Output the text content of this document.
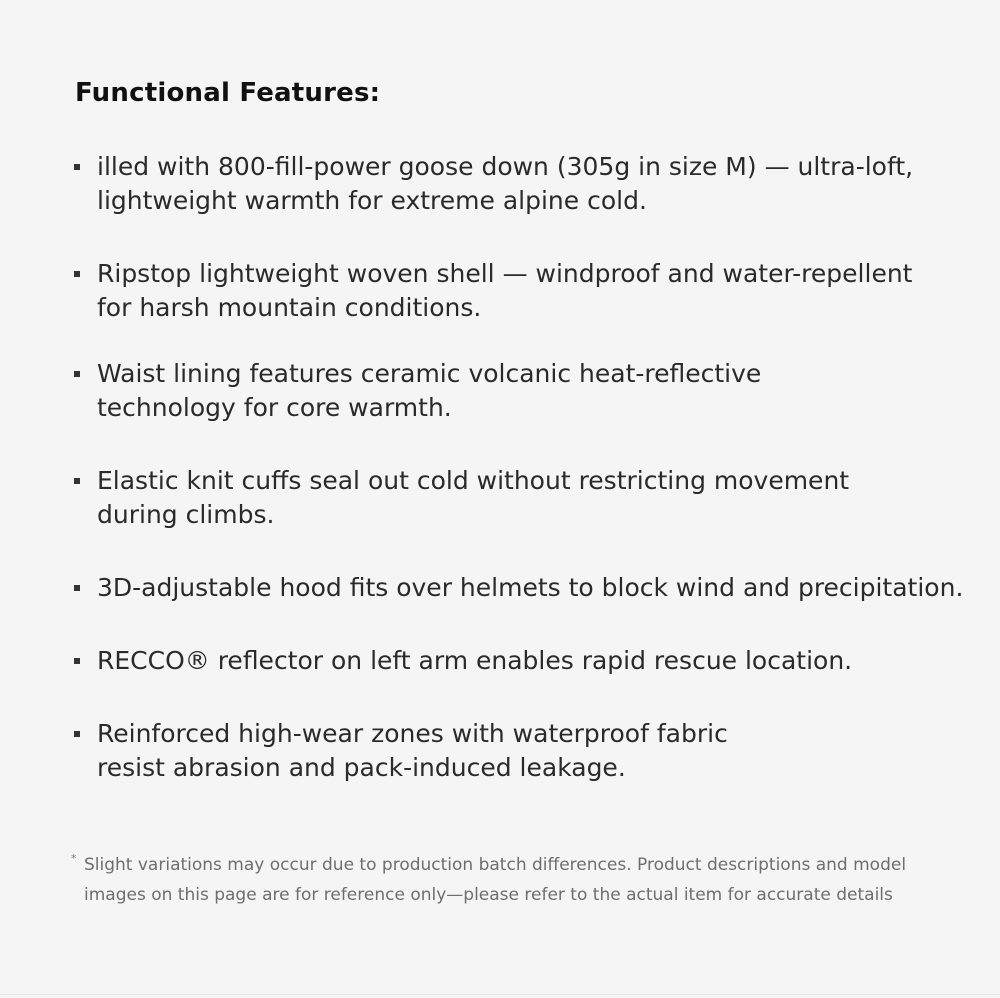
Functional Features:
illed with 800-fill-power goose down (305g in size M) — ultra-loft,
lightweight warmth for extreme alpine cold.
Ripstop lightweight woven shell — windproof and water-repellent
for harsh mountain conditions.
Waist lining features ceramic volcanic heat-reflective
technology for core warmth.
Elastic knit cuffs seal out cold without restricting movement
during climbs.
3D-adjustable hood fits over helmets to block wind and precipitation.
RECCO® reflector on left arm enables rapid rescue location.
Reinforced high-wear zones with waterproof fabric
resist abrasion and pack-induced leakage.
* Slight variations may occur due to production batch differences. Product descriptions and model
images on this page are for reference only—please refer to the actual item for accurate details
